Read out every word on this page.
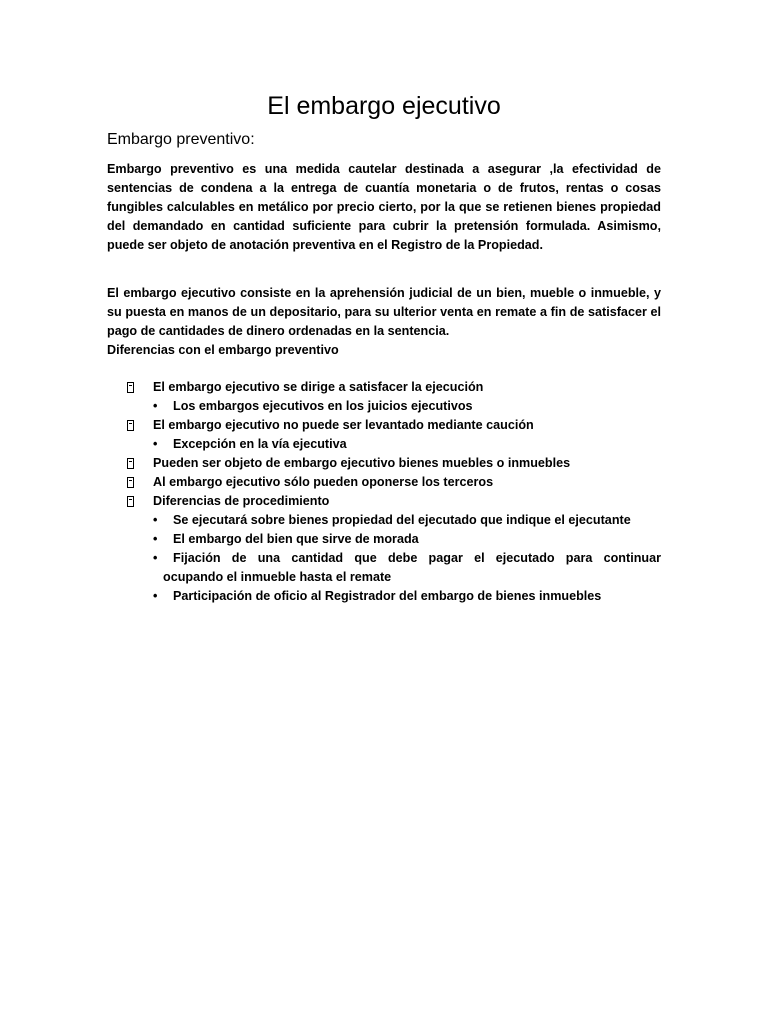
El embargo ejecutivo
Embargo preventivo:

Embargo preventivo es una medida cautelar destinada a asegurar ,la efectividad de sentencias de condena a la entrega de cuantía monetaria o de frutos, rentas o cosas fungibles calculables en metálico por precio cierto, por la que se retienen bienes propiedad del demandado en cantidad suficiente para cubrir la pretensión formulada. Asimismo, puede ser objeto de anotación preventiva en el Registro de la Propiedad.

El embargo ejecutivo consiste en la aprehensión judicial de un bien, mueble o inmueble, y su puesta en manos de un depositario, para su ulterior venta en remate a fin de satisfacer el pago de cantidades de dinero ordenadas en la sentencia.
Diferencias con el embargo preventivo
El embargo ejecutivo se dirige a satisfacer la ejecución
• Los embargos ejecutivos en los juicios ejecutivos
El embargo ejecutivo no puede ser levantado mediante caución
• Excepción en la vía ejecutiva
Pueden ser objeto de embargo ejecutivo bienes muebles o inmuebles
Al embargo ejecutivo sólo pueden oponerse los terceros
Diferencias de procedimiento
• Se ejecutará sobre bienes propiedad del ejecutado que indique el ejecutante
• El embargo del bien que sirve de morada
• Fijación de una cantidad que debe pagar el ejecutado para continuar
ocupando el inmueble hasta el remate
• Participación de oficio al Registrador del embargo de bienes inmuebles
